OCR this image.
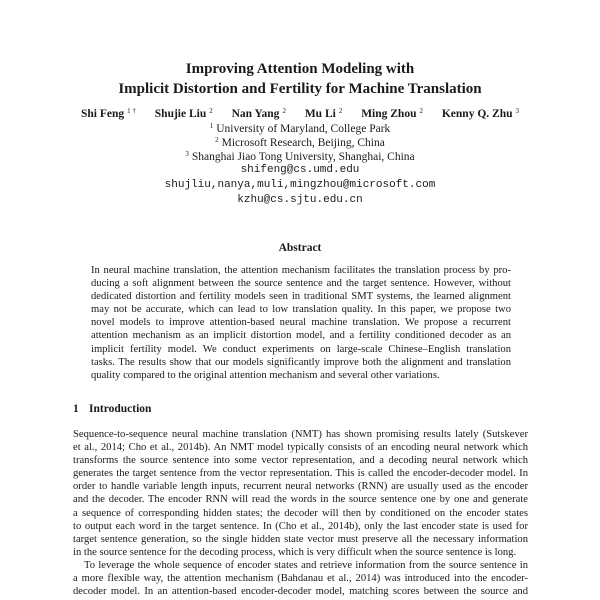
Improving Attention Modeling with
Implicit Distortion and Fertility for Machine Translation
Shi Feng $^{1 \dagger}$ Shujie Liu $^2$ Nan Yang $^2$ Mu Li $^2$ Ming Zhou $^2$ Kenny Q. Zhu $^3$
$^1$ University of Maryland, College Park
$^2$ Microsoft Research, Beijing, China
$^3$ Shanghai Jiao Tong University, Shanghai, China
shifeng@cs.umd.edu
shujliu,nanya,muli,mingzhou@microsoft.com
kzhu@cs.sjtu.edu.cn
Abstract
In neural machine translation, the attention mechanism facilitates the translation process by pro-
ducing a soft alignment between the source sentence and the target sentence. However, without
dedicated distortion and fertility models seen in traditional SMT systems, the learned alignment
may not be accurate, which can lead to low translation quality. In this paper, we propose two
novel models to improve attention-based neural machine translation. We propose a recurrent
attention mechanism as an implicit distortion model, and a fertility conditioned decoder as an
implicit fertility model. We conduct experiments on large-scale Chinese–English translation
tasks. The results show that our models significantly improve both the alignment and translation
quality compared to the original attention mechanism and several other variations.
1 Introduction
Sequence-to-sequence neural machine translation (NMT) has shown promising results lately (Sutskever
et al., 2014; Cho et al., 2014b). An NMT model typically consists of an encoding neural network which
transforms the source sentence into some vector representation, and a decoding neural network which
generates the target sentence from the vector representation. This is called the encoder-decoder model. In
order to handle variable length inputs, recurrent neural networks (RNN) are usually used as the encoder
and the decoder. The encoder RNN will read the words in the source sentence one by one and generate
a sequence of corresponding hidden states; the decoder will then by conditioned on the encoder states
to output each word in the target sentence. In (Cho et al., 2014b), only the last encoder state is used for
target sentence generation, so the single hidden state vector must preserve all the necessary information
in the source sentence for the decoding process, which is very difficult when the source sentence is long.
To leverage the whole sequence of encoder states and retrieve information from the source sentence in
a more flexible way, the attention mechanism (Bahdanau et al., 2014) was introduced into the encoder-
decoder model. In an attention-based encoder-decoder model, matching scores between the source and
